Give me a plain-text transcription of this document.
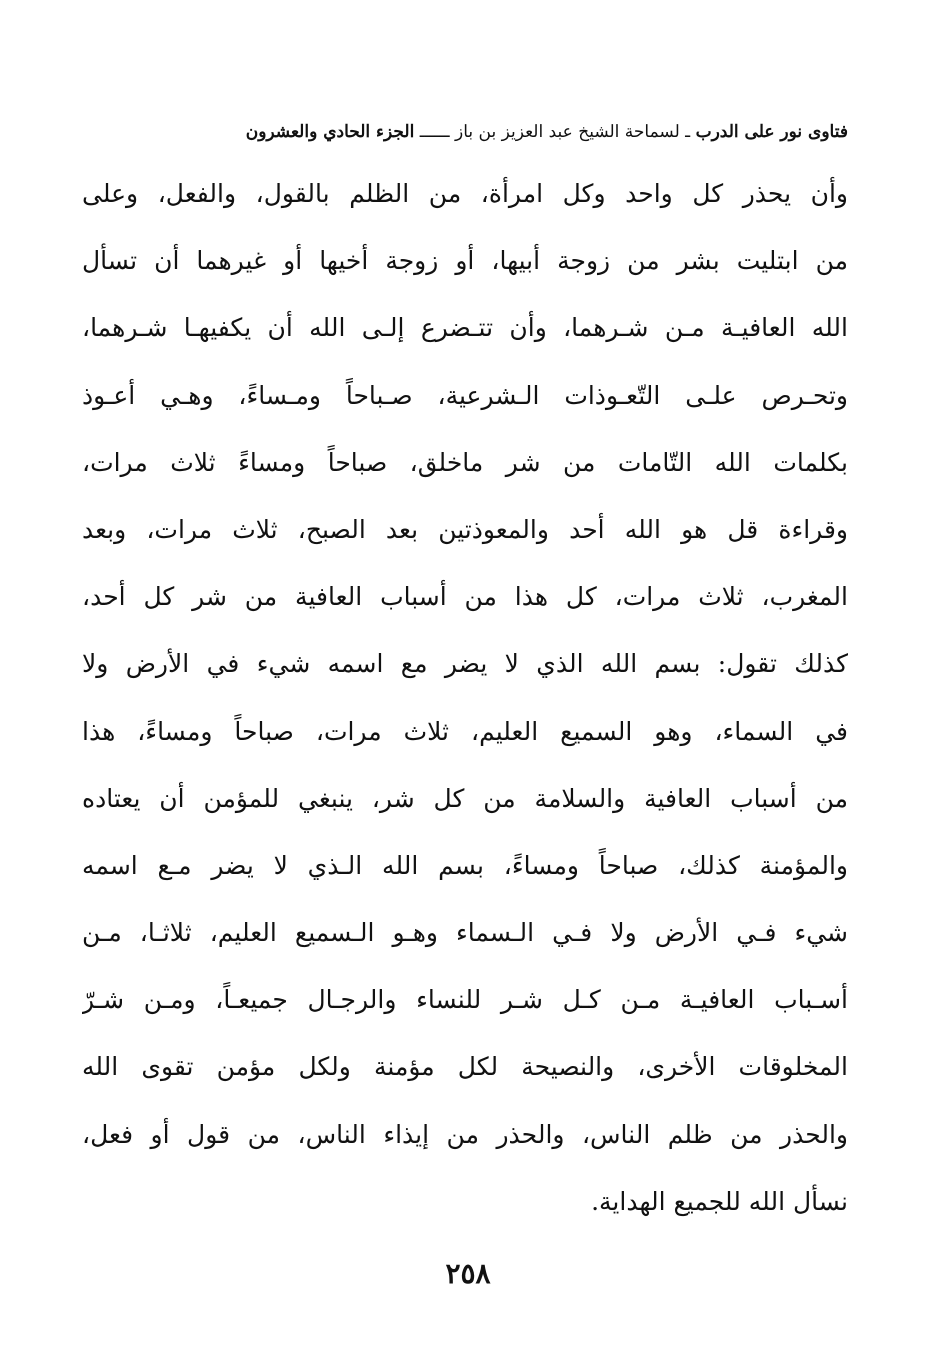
فتاوى نور على الدرب ـ لسماحة الشيخ عبد العزيز بن باز ــــــ الجزء الحادي والعشرون
وأن يحذر كل واحد وكل امرأة، من الظلم بالقول، والفعل، وعلى
من ابتليت بشر من زوجة أبيها، أو زوجة أخيها أو غيرهما أن تسأل
الله العافيـة مـن شـرهما، وأن تتـضرع إلـى الله أن يكفيهـا شـرهما،
وتحـرص علـى التّعـوذات الـشرعية، صـباحاً ومـساءً، وهـي أعـوذ
بكلمات الله التّامات من شر ماخلق، صباحاً ومساءً ثلاث مرات،
وقراءة قل هو الله أحد والمعوذتين بعد الصبح، ثلاث مرات، وبعد
المغرب، ثلاث مرات، كل هذا من أسباب العافية من شر كل أحد،
كذلك تقول: بسم الله الذي لا يضر مع اسمه شيء في الأرض ولا
في السماء، وهو السميع العليم، ثلاث مرات، صباحاً ومساءً، هذا
من أسباب العافية والسلامة من كل شر، ينبغي للمؤمن أن يعتاده
والمؤمنة كذلك، صباحاً ومساءً، بسم الله الـذي لا يضر مـع اسمه
شيء فـي الأرض ولا فـي الـسماء وهـو الـسميع العليم، ثلاثـا، مـن
أسـباب العافيـة مـن كـل شـر للنساء والرجـال جميعـاً، ومـن شـرّ
المخلوقات الأخرى، والنصيحة لكل مؤمنة ولكل مؤمن تقوى الله
والحذر من ظلم الناس، والحذر من إيذاء الناس، من قول أو فعل،
نسأل الله للجميع الهداية.
٢٥٨
